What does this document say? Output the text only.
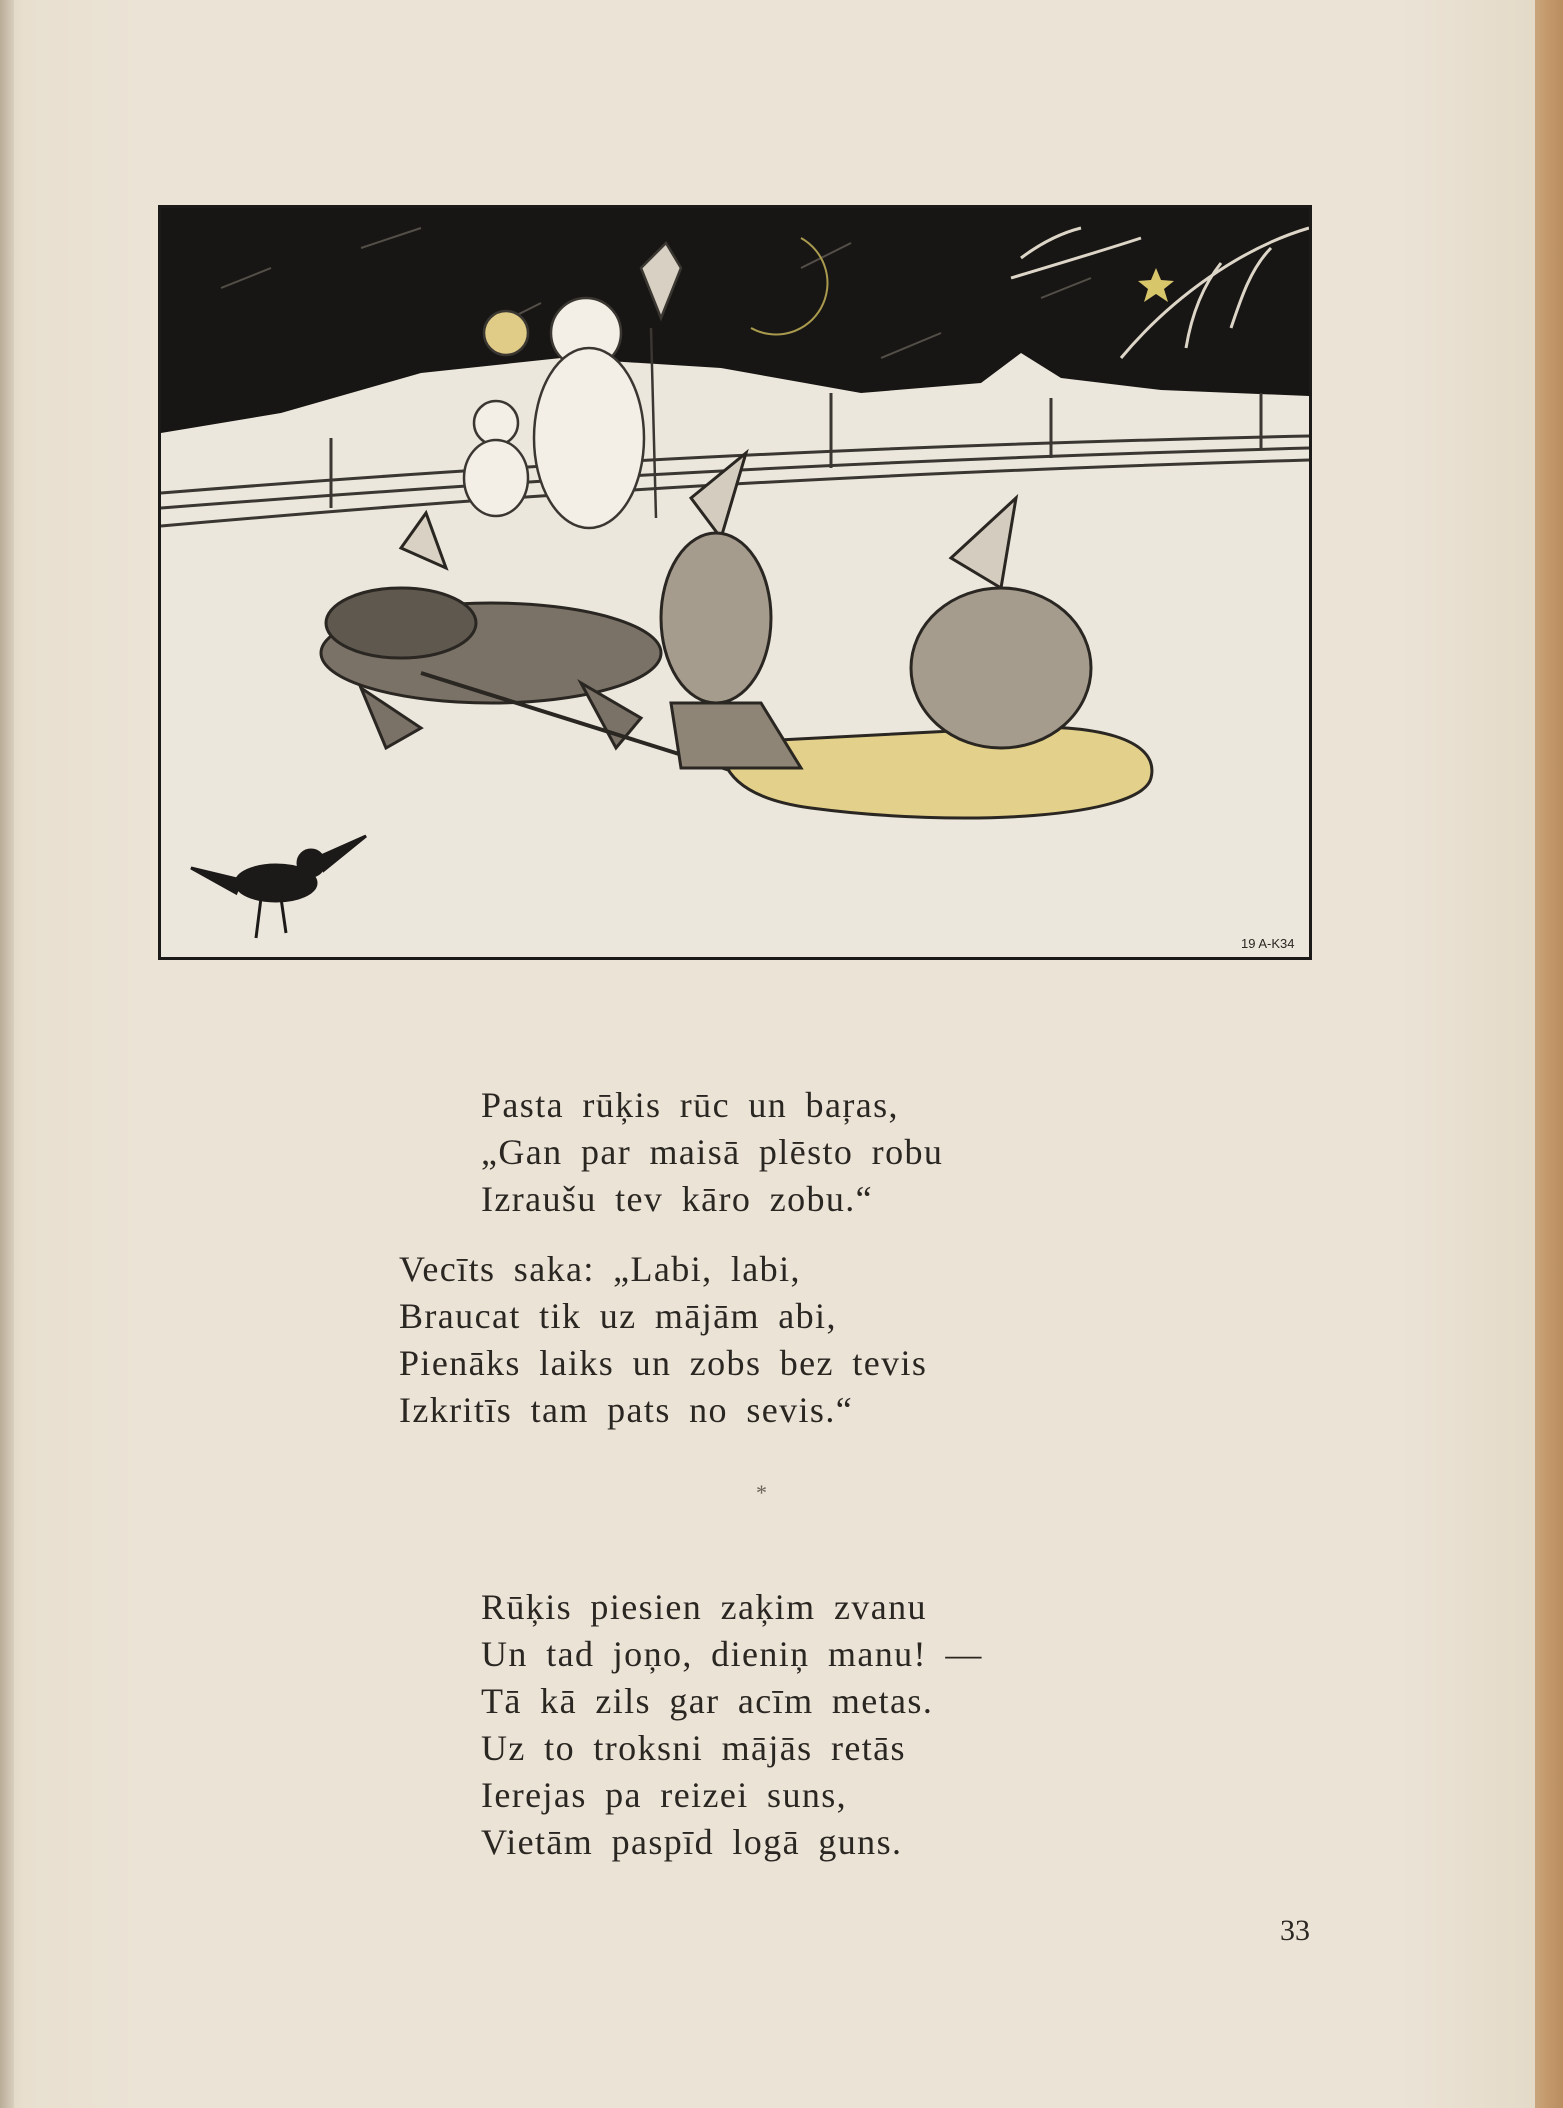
19 A-K34

Pasta rūķis rūc un baŗas,
„Gan par maisā plēsto robu
Izraušu tev kāro zobu.“

Vecīts saka: „Labi, labi,
Braucat tik uz mājām abi,
Pienāks laiks un zobs bez tevis
Izkritīs tam pats no sevis.“

*

Rūķis piesien zaķim zvanu
Un tad joņo, dieniņ manu! —
Tā kā zils gar acīm metas.
Uz to troksni mājās retās
Ierejas pa reizei suns,
Vietām paspīd logā guns.

33
